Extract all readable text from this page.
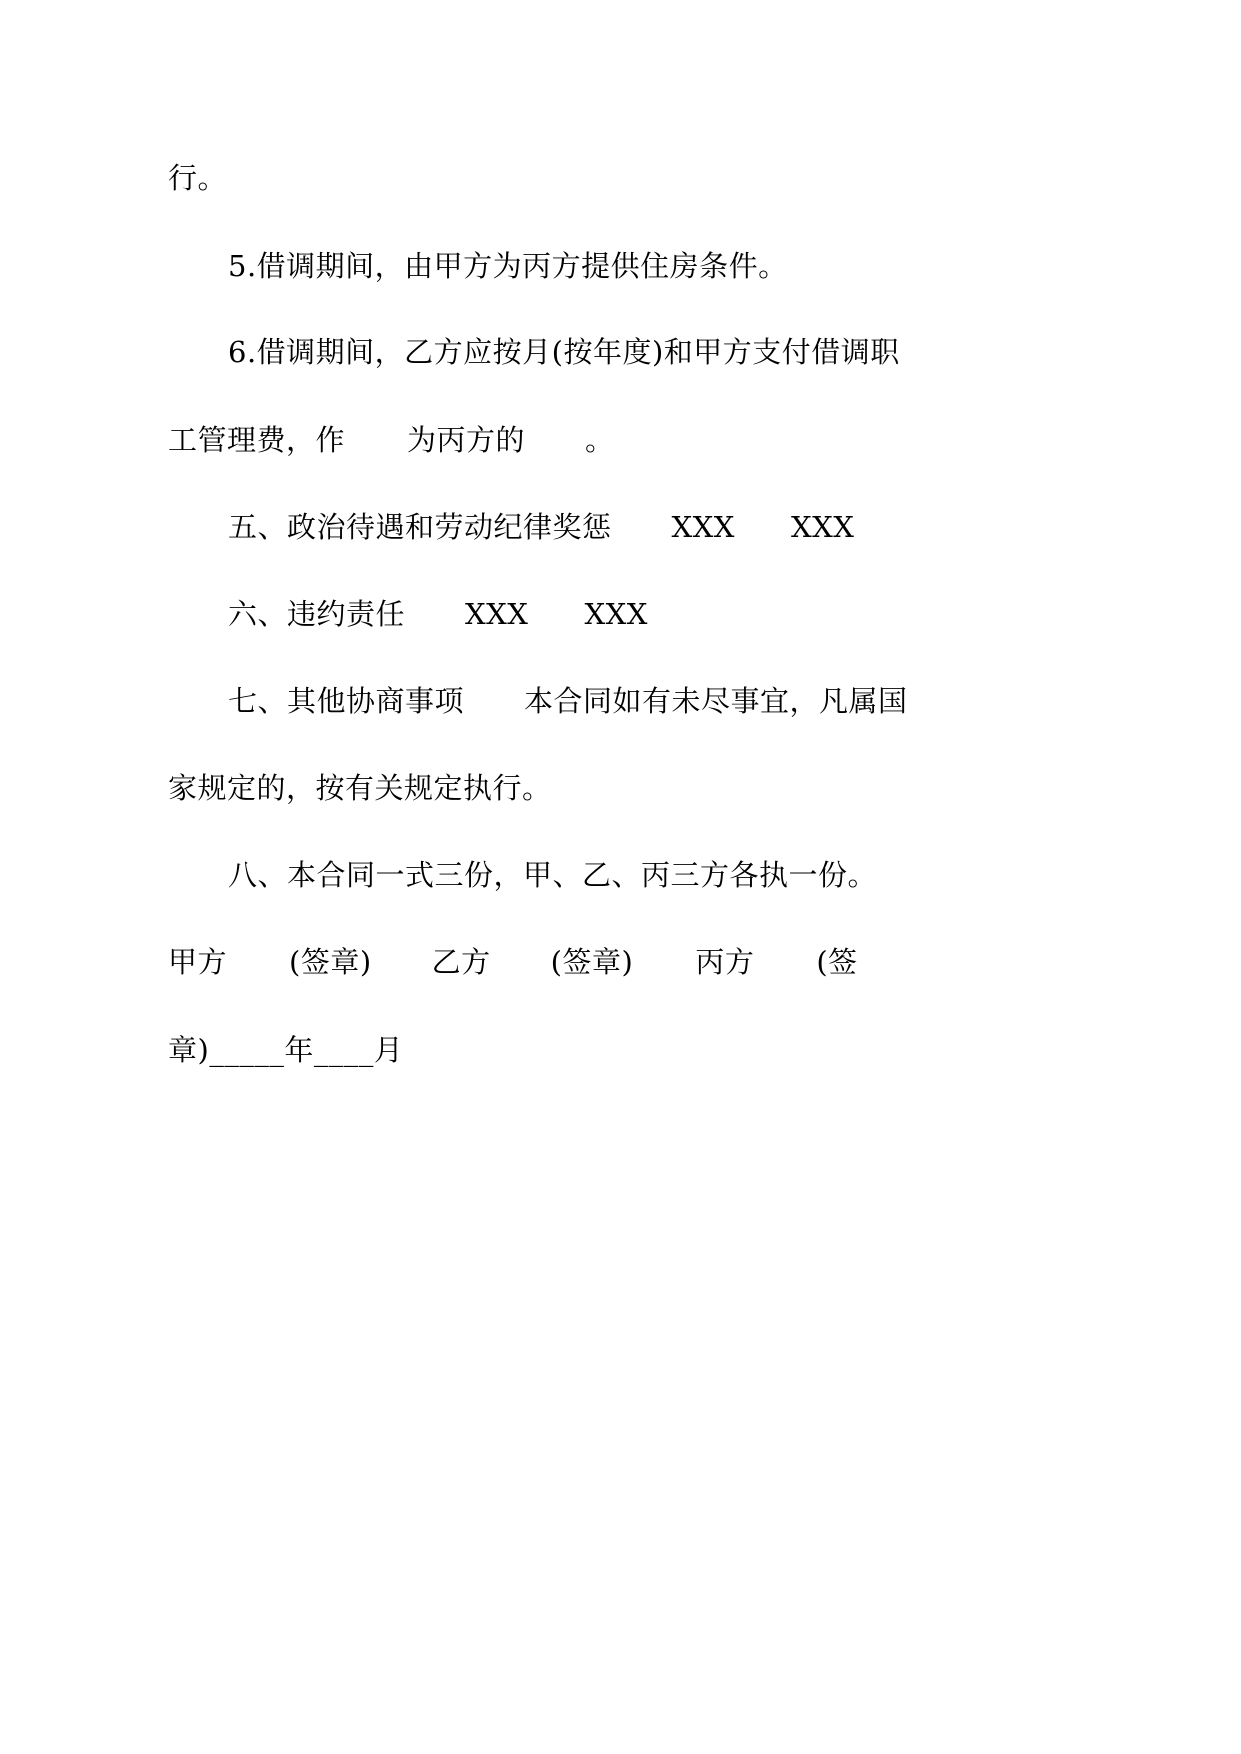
行。
5.借调期间，由甲方为丙方提供住房条件。
6.借调期间，乙方应按月(按年度)和甲方支付借调职
工管理费，作 为丙方的 。
五、政治待遇和劳动纪律奖惩 XXX XXX
六、违约责任 XXX XXX
七、其他协商事项 本合同如有未尽事宜，凡属国
家规定的，按有关规定执行。
八、本合同一式三份，甲、乙、丙三方各执一份。
甲方 (签章) 乙方 (签章) 丙方 (签
章)_____年____月
